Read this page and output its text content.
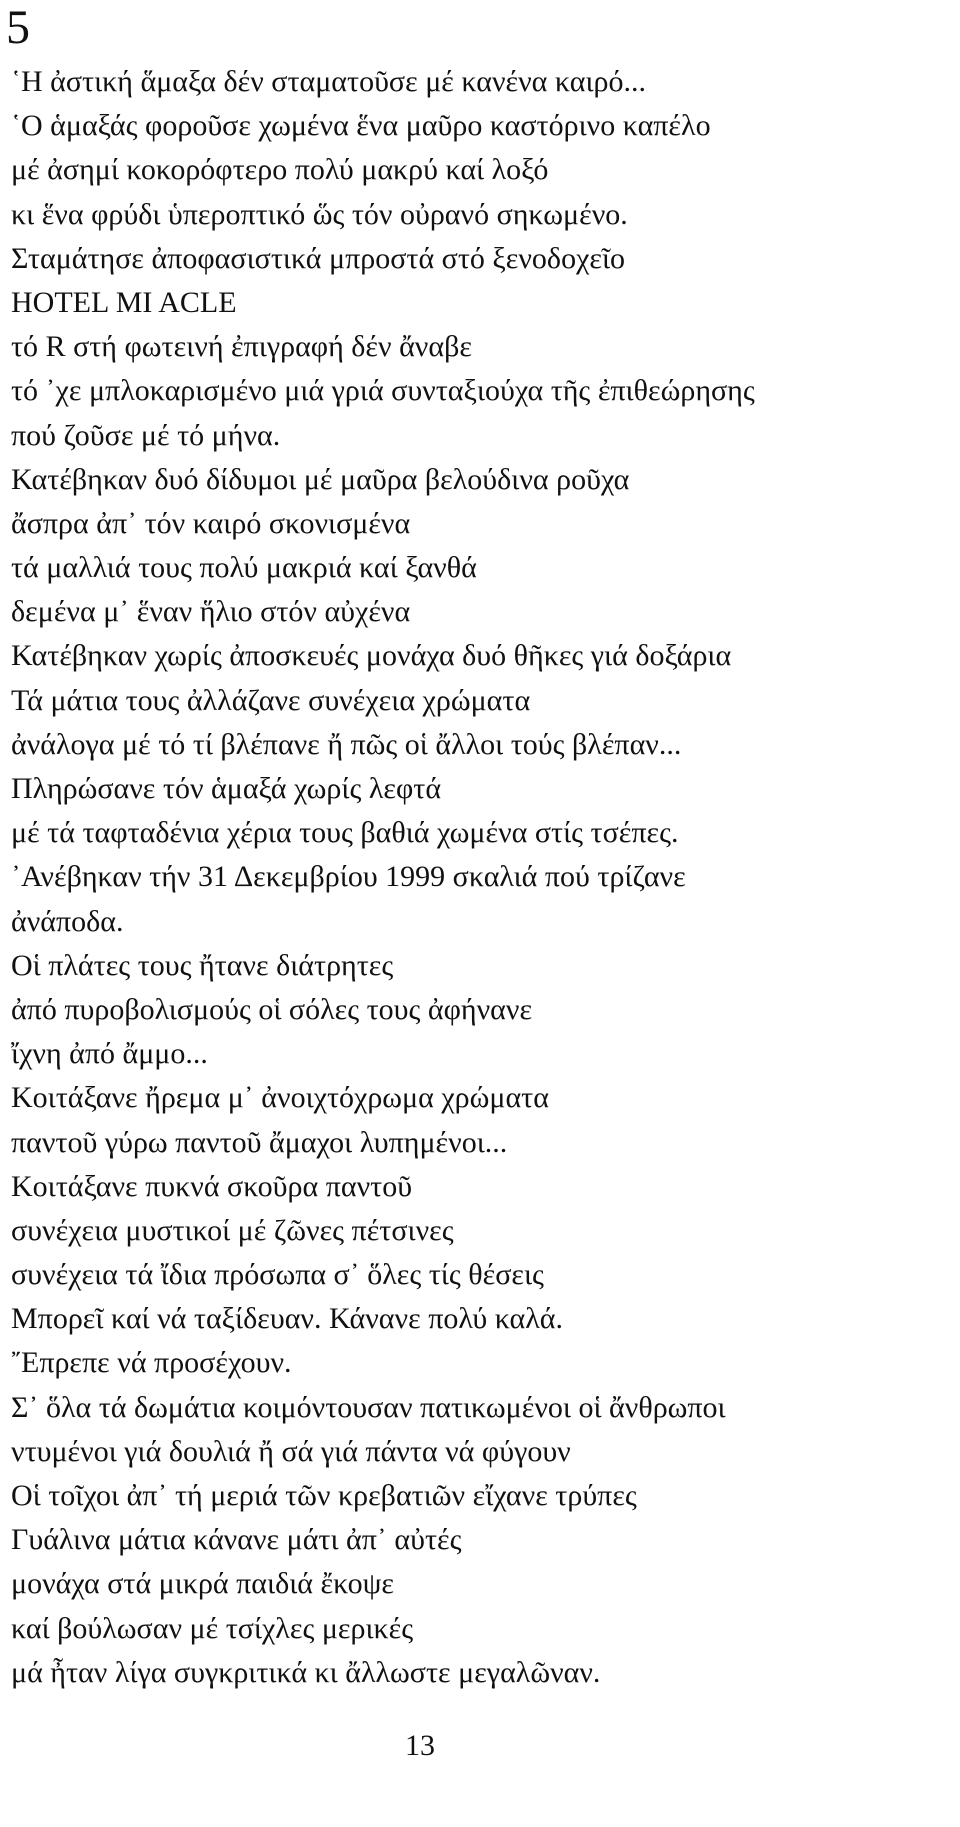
5
῾Η ἀστική ἅμαξα δέν σταματοῦσε μέ κανένα καιρό...
῾Ο ἁμαξάς φοροῦσε χωμένα ἕνα μαῦρο καστόρινο καπέλο
μέ ἀσημί κοκορόφτερο πολύ μακρύ καί λοξό
κι ἕνα φρύδι ὑπεροπτικό ὥς τόν οὐρανό σηκωμένο.
Σταμάτησε ἀποφασιστικά μπροστά στό ξενοδοχεῖο
HOTEL MI ACLE
τό R στή φωτεινή ἐπιγραφή δέν ἄναβε
τό ᾿χε μπλοκαρισμένο μιά γριά συνταξιούχα τῆς ἐπιθεώρησης
πού ζοῦσε μέ τό μήνα.
Κατέβηκαν δυό δίδυμοι μέ μαῦρα βελούδινα ροῦχα
ἄσπρα ἀπ᾿ τόν καιρό σκονισμένα
τά μαλλιά τους πολύ μακριά καί ξανθά
δεμένα μ᾿ ἕναν ἥλιο στόν αὐχένα
Κατέβηκαν χωρίς ἀποσκευές μονάχα δυό θῆκες γιά δοξάρια
Τά μάτια τους ἀλλάζανε συνέχεια χρώματα
ἀνάλογα μέ τό τί βλέπανε ἤ πῶς οἱ ἄλλοι τούς βλέπαν...
Πληρώσανε τόν ἁμαξά χωρίς λεφτά
μέ τά ταφταδένια χέρια τους βαθιά χωμένα στίς τσέπες.
᾿Ανέβηκαν τήν 31 Δεκεμβρίου 1999 σκαλιά πού τρίζανε
ἀνάποδα.
Οἱ πλάτες τους ἤτανε διάτρητες
ἀπό πυροβολισμούς οἱ σόλες τους ἀφήνανε
ἴχνη ἀπό ἄμμο...
Κοιτάξανε ἤρεμα μ᾿ ἀνοιχτόχρωμα χρώματα
παντοῦ γύρω παντοῦ ἄμαχοι λυπημένοι...
Κοιτάξανε πυκνά σκοῦρα παντοῦ
συνέχεια μυστικοί μέ ζῶνες πέτσινες
συνέχεια τά ἴδια πρόσωπα σ᾿ ὅλες τίς θέσεις
Μπορεῖ καί νά ταξίδευαν. Κάνανε πολύ καλά.
῎Επρεπε νά προσέχουν.
Σ᾿ ὅλα τά δωμάτια κοιμόντουσαν πατικωμένοι οἱ ἄνθρωποι
ντυμένοι γιά δουλιά ἤ σά γιά πάντα νά φύγουν
Οἱ τοῖχοι ἀπ᾿ τή μεριά τῶν κρεβατιῶν εἴχανε τρύπες
Γυάλινα μάτια κάνανε μάτι ἀπ᾿ αὐτές
μονάχα στά μικρά παιδιά ἔκοψε
καί βούλωσαν μέ τσίχλες μερικές
μά ἦταν λίγα συγκριτικά κι ἄλλωστε μεγαλῶναν.
13
